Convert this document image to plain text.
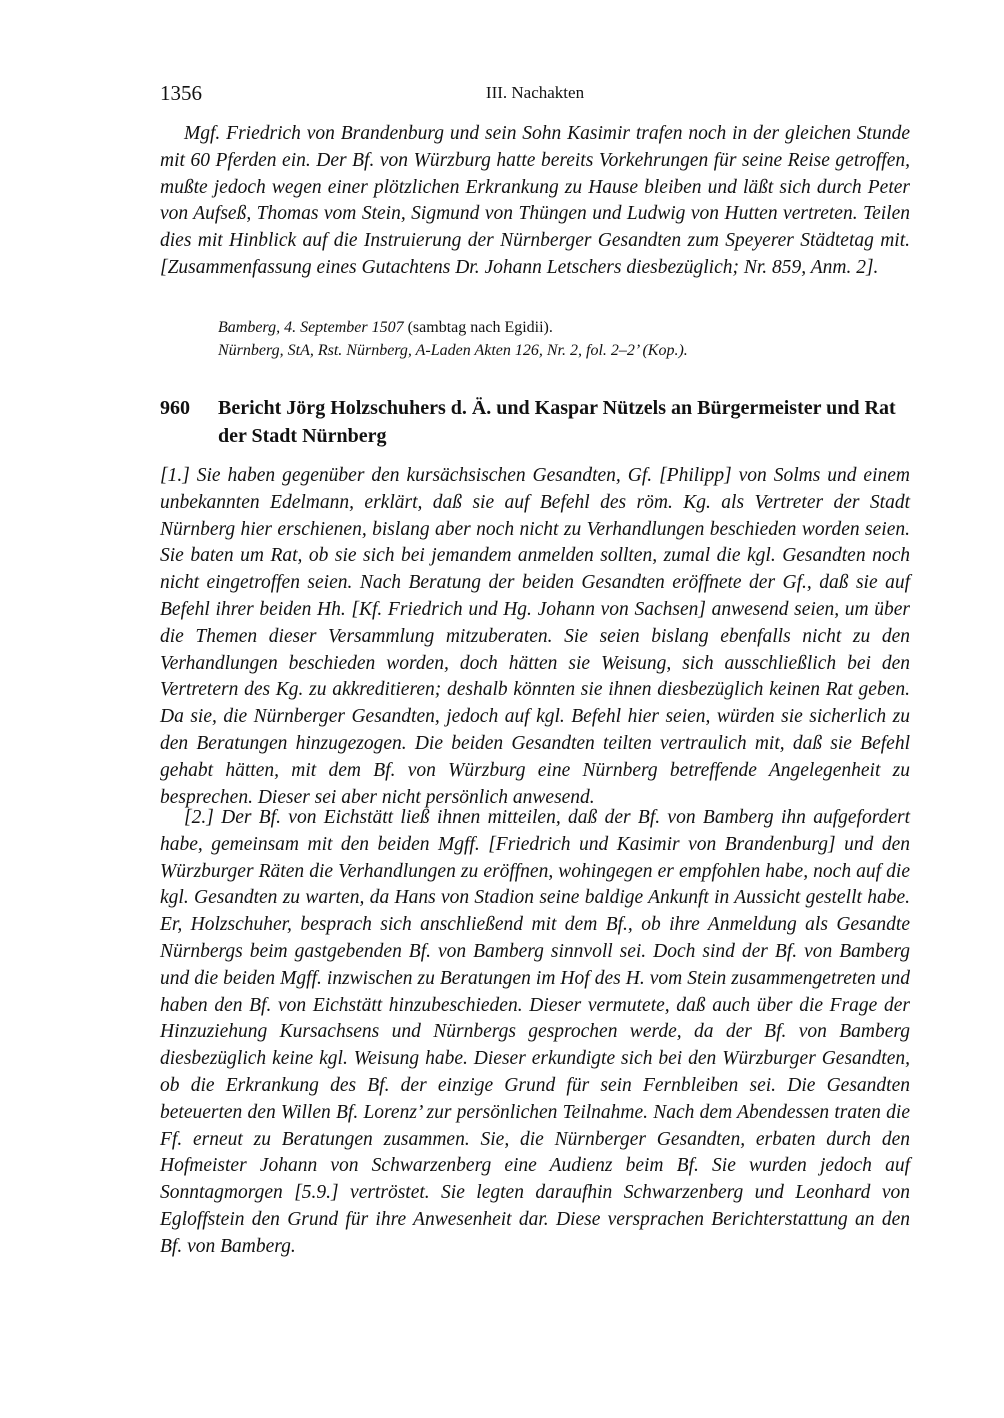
1356	III. Nachakten

Mgf. Friedrich von Brandenburg und sein Sohn Kasimir trafen noch in der gleichen Stunde mit 60 Pferden ein. Der Bf. von Würzburg hatte bereits Vorkehrungen für seine Reise getroffen, mußte jedoch wegen einer plötzlichen Erkrankung zu Hause bleiben und läßt sich durch Peter von Aufseß, Thomas vom Stein, Sigmund von Thüngen und Ludwig von Hutten vertreten. Teilen dies mit Hinblick auf die Instruierung der Nürnberger Gesandten zum Speyerer Städtetag mit. [Zusammenfassung eines Gutachtens Dr. Johann Letschers diesbezüglich; Nr. 859, Anm. 2].

Bamberg, 4. September 1507 (sambtag nach Egidii).
Nürnberg, StA, Rst. Nürnberg, A-Laden Akten 126, Nr. 2, fol. 2–2’ (Kop.).
960 Bericht Jörg Holzschuhers d. Ä. und Kaspar Nützels an Bürgermeister und Rat der Stadt Nürnberg

[1.] Sie haben gegenüber den kursächsischen Gesandten, Gf. [Philipp] von Solms und einem unbekannten Edelmann, erklärt, daß sie auf Befehl des röm. Kg. als Vertreter der Stadt Nürnberg hier erschienen, bislang aber noch nicht zu Verhandlungen beschieden worden seien. Sie baten um Rat, ob sie sich bei jemandem anmelden sollten, zumal die kgl. Gesandten noch nicht eingetroffen seien. Nach Beratung der beiden Gesandten eröffnete der Gf., daß sie auf Befehl ihrer beiden Hh. [Kf. Friedrich und Hg. Johann von Sachsen] anwesend seien, um über die Themen dieser Versammlung mitzuberaten. Sie seien bislang ebenfalls nicht zu den Verhandlungen beschieden worden, doch hätten sie Weisung, sich ausschließlich bei den Vertretern des Kg. zu akkreditieren; deshalb könnten sie ihnen diesbezüglich keinen Rat geben. Da sie, die Nürnberger Gesandten, jedoch auf kgl. Befehl hier seien, würden sie sicherlich zu den Beratungen hinzugezogen. Die beiden Gesandten teilten vertraulich mit, daß sie Befehl gehabt hätten, mit dem Bf. von Würzburg eine Nürnberg betreffende Angelegenheit zu besprechen. Dieser sei aber nicht persönlich anwesend.

[2.] Der Bf. von Eichstätt ließ ihnen mitteilen, daß der Bf. von Bamberg ihn aufgefordert habe, gemeinsam mit den beiden Mgff. [Friedrich und Kasimir von Brandenburg] und den Würzburger Räten die Verhandlungen zu eröffnen, wohingegen er empfohlen habe, noch auf die kgl. Gesandten zu warten, da Hans von Stadion seine baldige Ankunft in Aussicht gestellt habe. Er, Holzschuher, besprach sich anschließend mit dem Bf., ob ihre Anmeldung als Gesandte Nürnbergs beim gastgebenden Bf. von Bamberg sinnvoll sei. Doch sind der Bf. von Bamberg und die beiden Mgff. inzwischen zu Beratungen im Hof des H. vom Stein zusammengetreten und haben den Bf. von Eichstätt hinzubeschieden. Dieser vermutete, daß auch über die Frage der Hinzuziehung Kursachsens und Nürnbergs gesprochen werde, da der Bf. von Bamberg diesbezüglich keine kgl. Weisung habe. Dieser erkundigte sich bei den Würzburger Gesandten, ob die Erkrankung des Bf. der einzige Grund für sein Fernbleiben sei. Die Gesandten beteuerten den Willen Bf. Lorenz’ zur persönlichen Teilnahme. Nach dem Abendessen traten die Ff. erneut zu Beratungen zusammen. Sie, die Nürnberger Gesandten, erbaten durch den Hofmeister Johann von Schwarzenberg eine Audienz beim Bf. Sie wurden jedoch auf Sonntagmorgen [5.9.] vertröstet. Sie legten daraufhin Schwarzenberg und Leonhard von Egloffstein den Grund für ihre Anwesenheit dar. Diese versprachen Berichterstattung an den Bf. von Bamberg.
